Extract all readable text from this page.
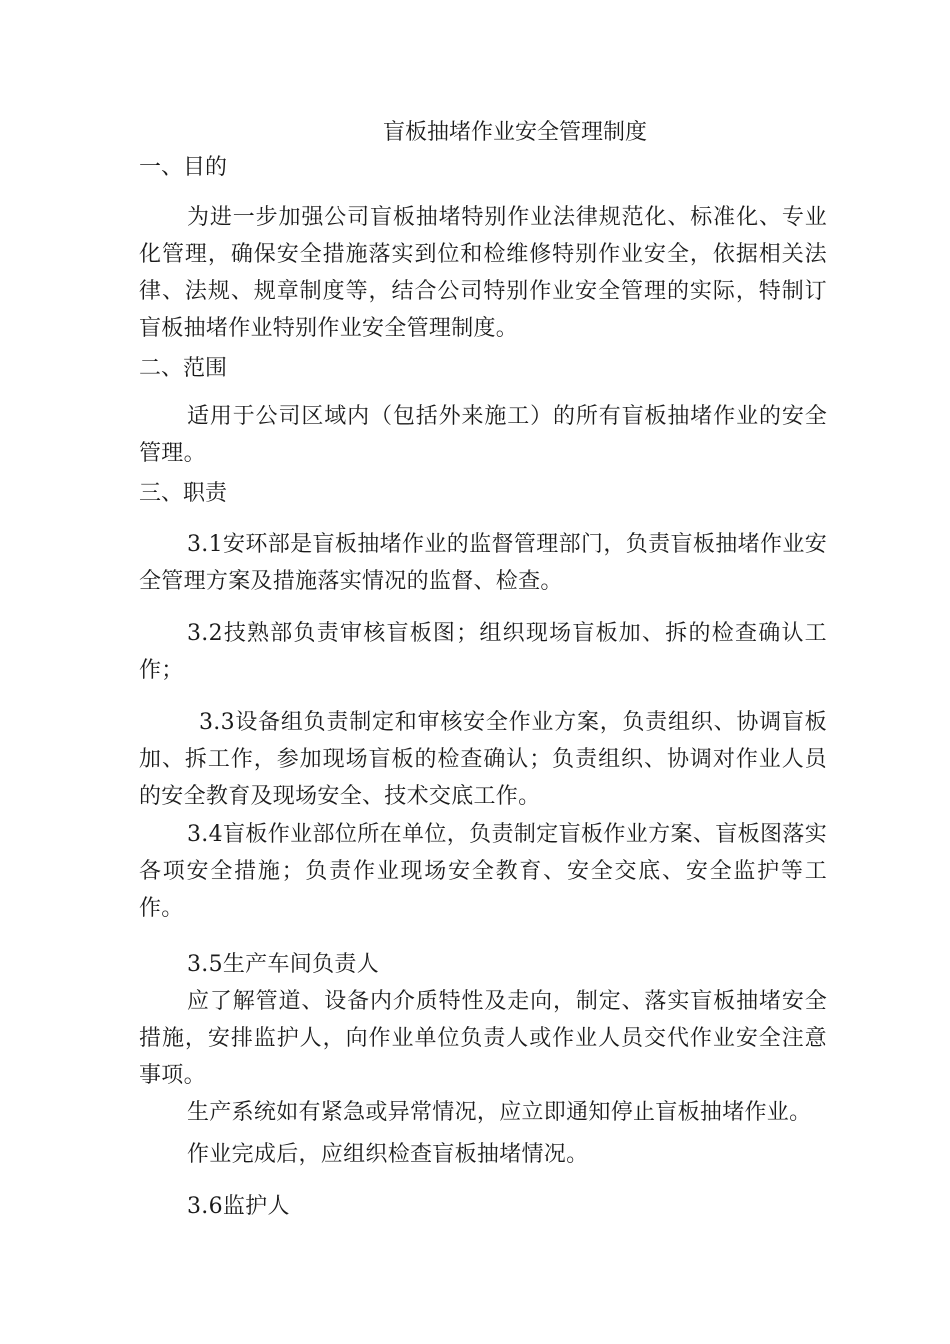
盲板抽堵作业安全管理制度
一、目的
为进一步加强公司盲板抽堵特别作业法律规范化、标准化、专业化管理，确保安全措施落实到位和检维修特别作业安全，依据相关法律、法规、规章制度等，结合公司特别作业安全管理的实际，特制订盲板抽堵作业特别作业安全管理制度。
二、范围
适用于公司区域内（包括外来施工）的所有盲板抽堵作业的安全管理。
三、职责
3.1安环部是盲板抽堵作业的监督管理部门，负责盲板抽堵作业安全管理方案及措施落实情况的监督、检查。
3.2技熟部负责审核盲板图；组织现场盲板加、拆的检查确认工作；
3.3设备组负责制定和审核安全作业方案，负责组织、协调盲板加、拆工作，参加现场盲板的检查确认；负责组织、协调对作业人员的安全教育及现场安全、技术交底工作。
3.4盲板作业部位所在单位，负责制定盲板作业方案、盲板图落实各项安全措施；负责作业现场安全教育、安全交底、安全监护等工作。
3.5生产车间负责人
应了解管道、设备内介质特性及走向，制定、落实盲板抽堵安全措施，安排监护人，向作业单位负责人或作业人员交代作业安全注意事项。
生产系统如有紧急或异常情况，应立即通知停止盲板抽堵作业。
作业完成后，应组织检查盲板抽堵情况。
3.6监护人
